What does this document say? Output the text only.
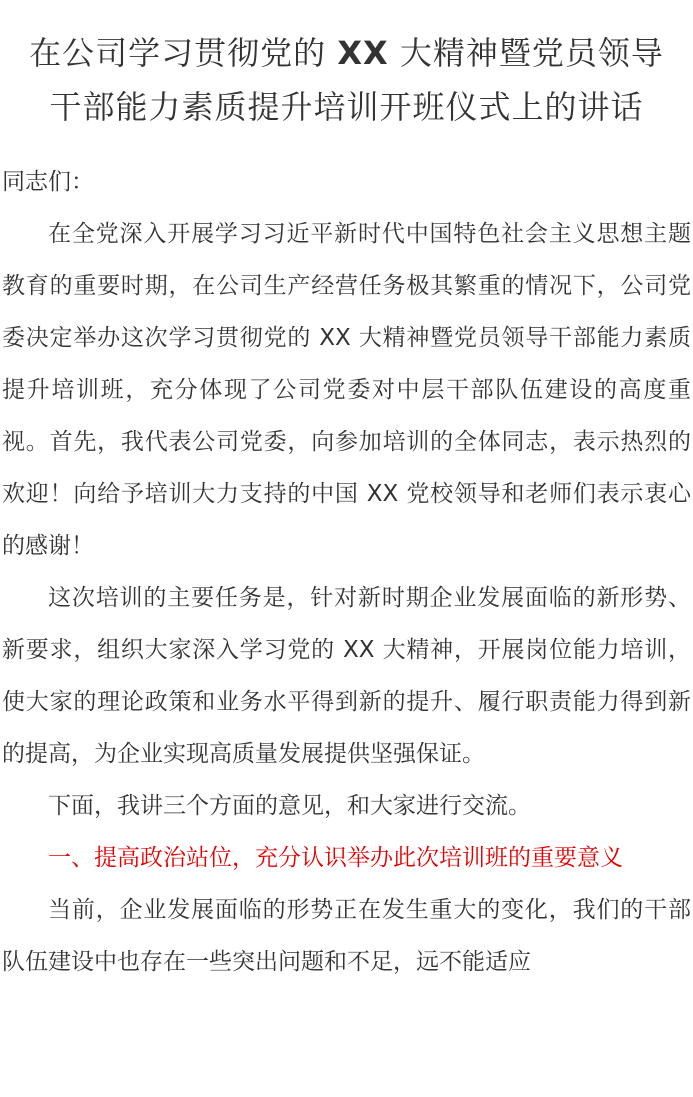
在公司学习贯彻党的 XX 大精神暨党员领导
干部能力素质提升培训开班仪式上的讲话

同志们：

在全党深入开展学习习近平新时代中国特色社会主义思想主题教育的重要时期，在公司生产经营任务极其繁重的情况下，公司党委决定举办这次学习贯彻党的 XX 大精神暨党员领导干部能力素质提升培训班，充分体现了公司党委对中层干部队伍建设的高度重视。首先，我代表公司党委，向参加培训的全体同志，表示热烈的欢迎！向给予培训大力支持的中国 XX 党校领导和老师们表示衷心的感谢！

这次培训的主要任务是，针对新时期企业发展面临的新形势、新要求，组织大家深入学习党的 XX 大精神，开展岗位能力培训，使大家的理论政策和业务水平得到新的提升、履行职责能力得到新的提高，为企业实现高质量发展提供坚强保证。

下面，我讲三个方面的意见，和大家进行交流。

一、提高政治站位，充分认识举办此次培训班的重要意义

当前，企业发展面临的形势正在发生重大的变化，我们的干部队伍建设中也存在一些突出问题和不足，远不能适应
